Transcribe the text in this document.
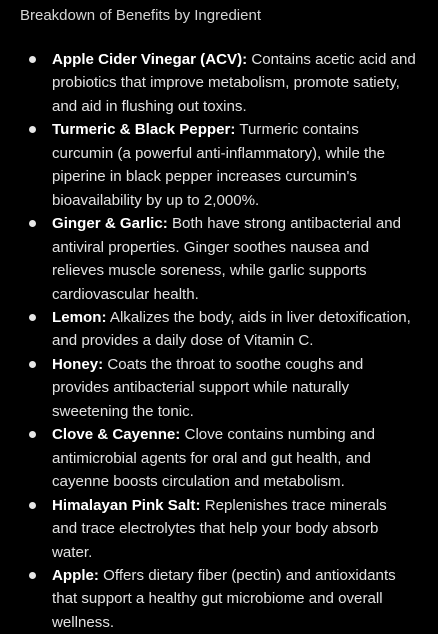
Breakdown of Benefits by Ingredient
Apple Cider Vinegar (ACV): Contains acetic acid and probiotics that improve metabolism, promote satiety, and aid in flushing out toxins.
Turmeric & Black Pepper: Turmeric contains curcumin (a powerful anti-inflammatory), while the piperine in black pepper increases curcumin's bioavailability by up to 2,000%.
Ginger & Garlic: Both have strong antibacterial and antiviral properties. Ginger soothes nausea and relieves muscle soreness, while garlic supports cardiovascular health.
Lemon: Alkalizes the body, aids in liver detoxification, and provides a daily dose of Vitamin C.
Honey: Coats the throat to soothe coughs and provides antibacterial support while naturally sweetening the tonic.
Clove & Cayenne: Clove contains numbing and antimicrobial agents for oral and gut health, and cayenne boosts circulation and metabolism.
Himalayan Pink Salt: Replenishes trace minerals and trace electrolytes that help your body absorb water.
Apple: Offers dietary fiber (pectin) and antioxidants that support a healthy gut microbiome and overall wellness.
